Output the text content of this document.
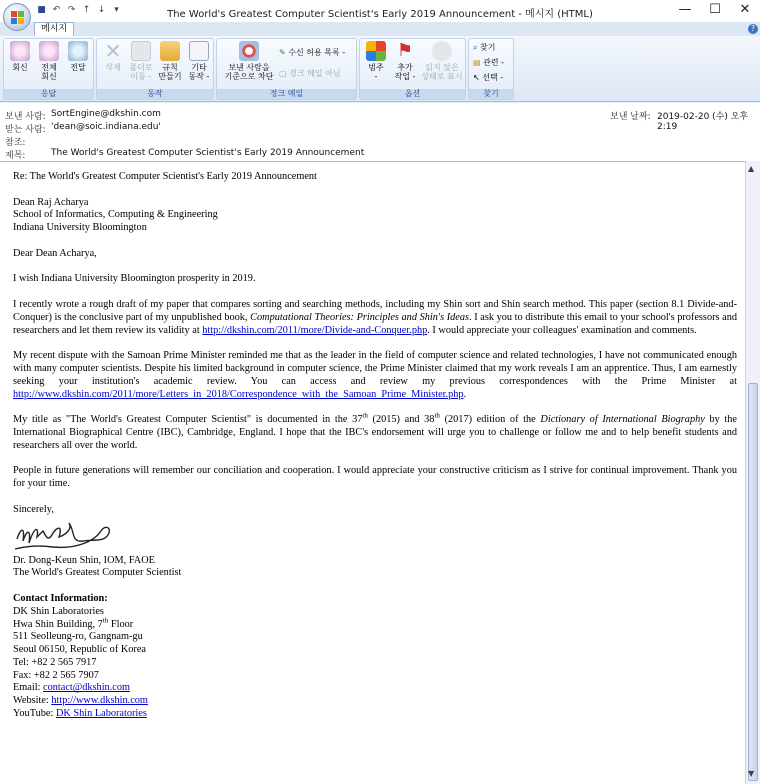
■ ↶ ↷ ↑ ↓ ▾	The World's Greatest Computer Scientist's Early 2019 Announcement - 메시지 (HTML)	—	☐	✕
메시지	?
회신	전체
회신
전달
응답
✕
삭제	폴더로
이동 -
규칙
만들기
기타
동작 -
동작
보낸 사람을
기준으로 차단
✎ 수신 허용 목록 -
▢ 정크 메일 아님
정크 메일
범주
-
⚑
추가
작업 -
읽지 않은
상태로 표시
옵션
⌕ 찾기
▤ 관련 -
↖ 선택 -
찾기
보낸 사람: SortEngine@dkshin.com
받는 사람: 'dean@soic.indiana.edu'
참조:
제목:	The World's Greatest Computer Scientist's Early 2019 Announcement
보낸 날짜: 2019-02-20 (수) 오후 2:19

Re: The World's Greatest Computer Scientist's Early 2019 Announcement

Dean Raj Acharya
School of Informatics, Computing & Engineering
Indiana University Bloomington

Dear Dean Acharya,

I wish Indiana University Bloomington prosperity in 2019.

I recently wrote a rough draft of my paper that compares sorting and searching methods, including my Shin sort and Shin search method. This paper (section 8.1 Divide-and-Conquer) is the conclusive part of my unpublished book, Computational Theories: Principles and Shin's Ideas. I ask you to distribute this email to your school's professors and researchers and let them review its validity at http://dkshin.com/2011/more/Divide-and-Conquer.php. I would appreciate your colleagues' examination and comments.

My recent dispute with the Samoan Prime Minister reminded me that as the leader in the field of computer science and related technologies, I have not communicated enough with many computer scientists. Despite his limited background in computer science, the Prime Minister claimed that my work reveals I am an apprentice. Thus, I am earnestly seeking your institution's academic review. You can access and review my previous correspondences with the Prime Minister at http://www.dkshin.com/2011/more/Letters_in_2018/Correspondence_with_the_Samoan_Prime_Minister.php.

My title as "The World's Greatest Computer Scientist" is documented in the 37th (2015) and 38th (2017) edition of the Dictionary of International Biography by the International Biographical Centre (IBC), Cambridge, England. I hope that the IBC's endorsement will urge you to challenge or follow me and to help benefit students and researchers all over the world.

People in future generations will remember our conciliation and cooperation. I would appreciate your constructive criticism as I strive for continual improvement. Thank you for your time.

Sincerely,

Dr. Dong-Keun Shin, IOM, FAOE
The World's Greatest Computer Scientist

Contact Information:
DK Shin Laboratories
Hwa Shin Building, 7th Floor
511 Seolleung-ro, Gangnam-gu
Seoul 06150, Republic of Korea
Tel: +82 2 565 7917
Fax: +82 2 565 7907
Email: contact@dkshin.com
Website: http://www.dkshin.com
YouTube: DK Shin Laboratories
▲
▼
